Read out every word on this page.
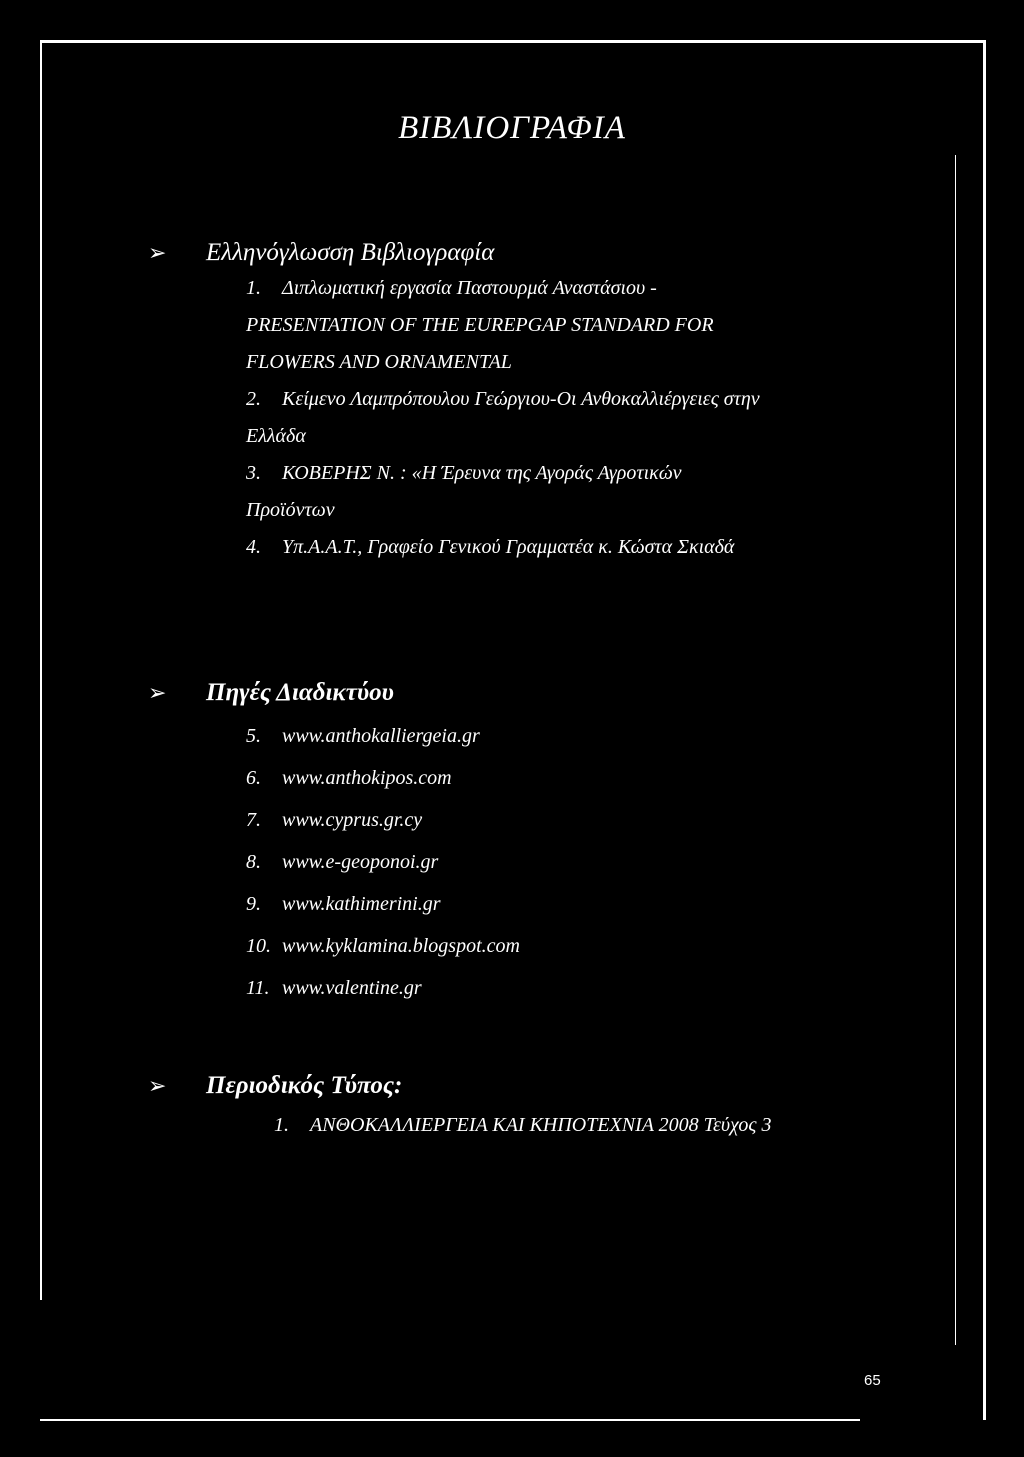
ΒΙΒΛΙΟΓΡΑΦΙΑ
➢	Ελληνόγλωσση Βιβλιογραφία
1.	Διπλωματική εργασία Παστουρμά Αναστάσιου -
PRESENTATION OF THE EUREPGAP STANDARD FOR
FLOWERS AND ORNAMENTAL
2.	Κείμενο Λαμπρόπουλου Γεώργιου-Οι Ανθοκαλλιέργειες στην
Ελλάδα
3.	ΚΟΒΕΡΗΣ Ν. : «Η Έρευνα της Αγοράς Αγροτικών
Προϊόντων
4.	Υπ.Α.Α.Τ., Γραφείο Γενικού Γραμματέα κ. Κώστα Σκιαδά
➢	Πηγές Διαδικτύου
5.	www.anthokalliergeia.gr
6.	www.anthokipos.com
7.	www.cyprus.gr.cy
8.	www.e-geoponoi.gr
9.	www.kathimerini.gr
10. www.kyklamina.blogspot.com
11. www.valentine.gr
➢	Περιοδικός Τύπος:
1.	ΑΝΘΟΚΑΛΛΙΕΡΓΕΙΑ ΚΑΙ ΚΗΠΟΤΕΧΝΙΑ 2008 Τεύχος 3
65
